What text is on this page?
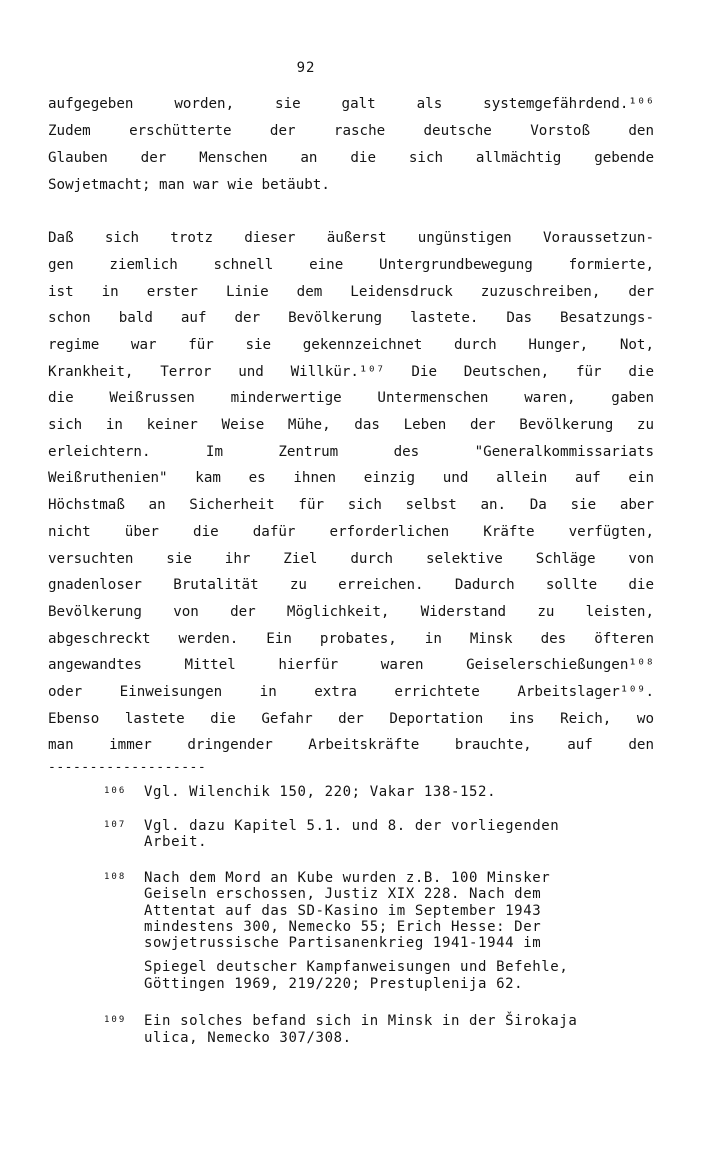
92
aufgegeben worden, sie galt als systemgefährdend.¹⁰⁶
Zudem erschütterte der rasche deutsche Vorstoß den
Glauben der Menschen an die sich allmächtig gebende
Sowjetmacht; man war wie betäubt.
Daß sich trotz dieser äußerst ungünstigen Voraussetzun-
gen ziemlich schnell eine Untergrundbewegung formierte,
ist in erster Linie dem Leidensdruck zuzuschreiben, der
schon bald auf der Bevölkerung lastete. Das Besatzungs-
regime war für sie gekennzeichnet durch Hunger, Not,
Krankheit, Terror und Willkür.¹⁰⁷ Die Deutschen, für die
die Weißrussen minderwertige Untermenschen waren, gaben
sich in keiner Weise Mühe, das Leben der Bevölkerung zu
erleichtern. Im Zentrum des "Generalkommissariats
Weißruthenien" kam es ihnen einzig und allein auf ein
Höchstmaß an Sicherheit für sich selbst an. Da sie aber
nicht über die dafür erforderlichen Kräfte verfügten,
versuchten sie ihr Ziel durch selektive Schläge von
gnadenloser Brutalität zu erreichen. Dadurch sollte die
Bevölkerung von der Möglichkeit, Widerstand zu leisten,
abgeschreckt werden. Ein probates, in Minsk des öfteren
angewandtes Mittel hierfür waren Geiselerschießungen¹⁰⁸
oder Einweisungen in extra errichtete Arbeitslager¹⁰⁹.
Ebenso lastete die Gefahr der Deportation ins Reich, wo
man immer dringender Arbeitskräfte brauchte, auf den
-------------------
106 Vgl. Wilenchik 150, 220; Vakar 138-152.
107 Vgl. dazu Kapitel 5.1. und 8. der vorliegenden
Arbeit.
108 Nach dem Mord an Kube wurden z.B. 100 Minsker
Geiseln erschossen, Justiz XIX 228. Nach dem
Attentat auf das SD-Kasino im September 1943
mindestens 300, Nemecko 55; Erich Hesse: Der
sowjetrussische Partisanenkrieg 1941-1944 im
Spiegel deutscher Kampfanweisungen und Befehle,
Göttingen 1969, 219/220; Prestuplenija 62.
109 Ein solches befand sich in Minsk in der Širokaja
ulica, Nemecko 307/308.
